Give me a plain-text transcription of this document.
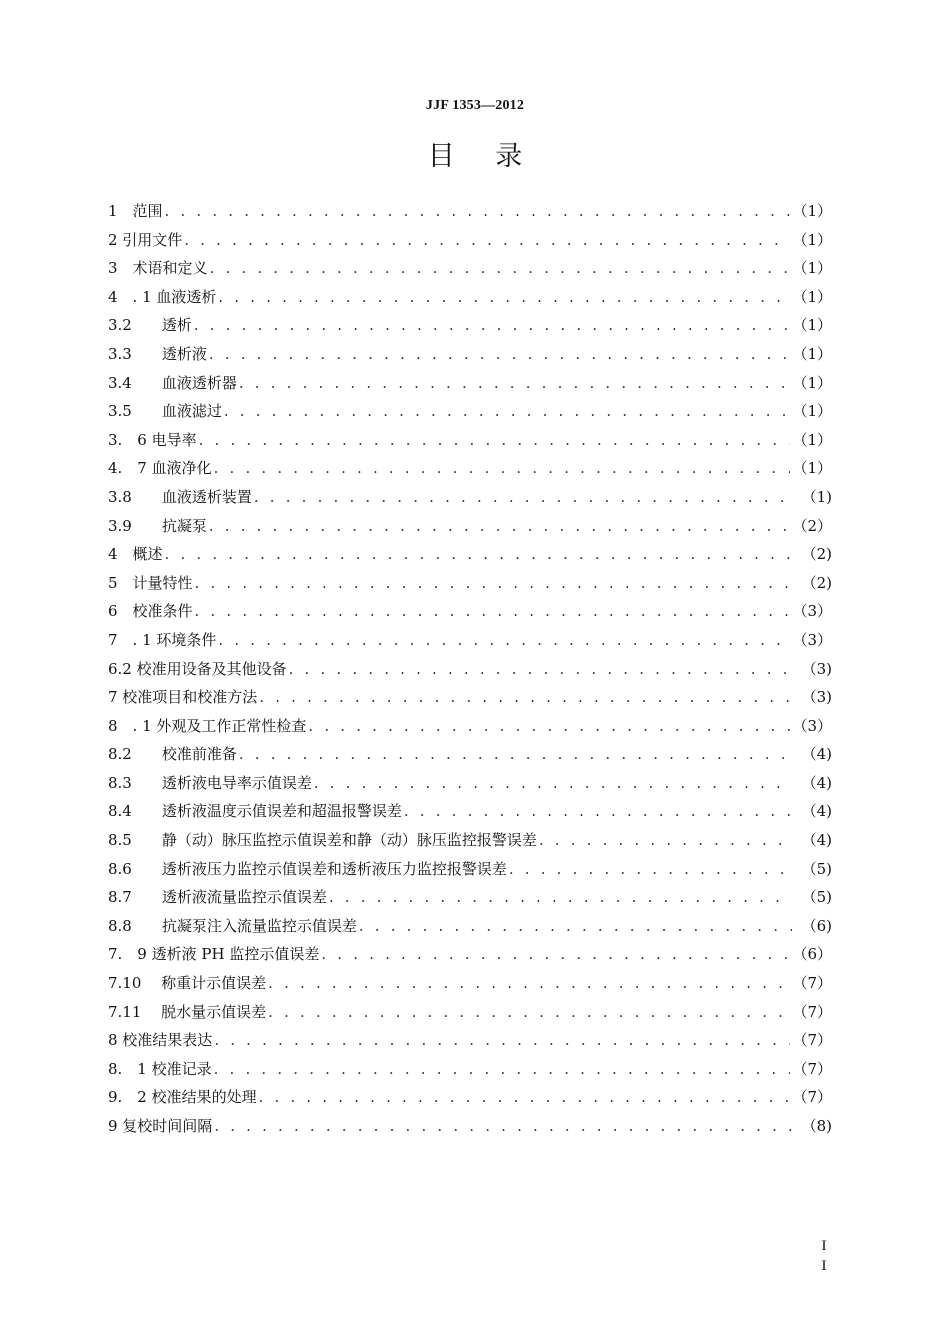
JJF 1353—2012
目 录
1　范围 . . .	（1）
2 引用文件 . . .	（1）
3　术语和定义 . . .	（1）
4　. 1 血液透析 . . .	（1）
3.2　　透析 . . .	（1）
3.3　　透析液 . . .	（1）
3.4　　血液透析器 . . .	（1）
3.5　　血液滤过 . . .	（1）
3.　6 电导率 . . .	（1）
4.　7 血液净化 . . .	（1）
3.8　　血液透析装置 . . .	（1)
3.9　　抗凝泵 . . .	（2）
4　概述 . . .	（2)
5　计量特性 . . .	（2)
6　校准条件 . . .	（3）
7　. 1 环境条件 . . .	（3）
6.2 校准用设备及其他设备 . . .	（3)
7 校准项目和校准方法 . . .	（3)
8　. 1 外观及工作正常性检查 . . .	（3）
8.2　　校准前准备 . . .	（4)
8.3　　透析液电导率示值误差 . . .	（4)
8.4　　透析液温度示值误差和超温报警误差 . . .	（4)
8.5　　静（动）脉压监控示值误差和静（动）脉压监控报警误差 . . .	（4)
8.6　　透析液压力监控示值误差和透析液压力监控报警误差 . . .	（5)
8.7　　透析液流量监控示值误差 . . .	（5)
8.8　　抗凝泵注入流量监控示值误差 . . .	（6)
7.　9 透析液 PH 监控示值误差 . . .	（6）
7.10　 称重计示值误差 . . .	（7）
7.11　 脱水量示值误差 . . .	（7）
8 校准结果表达 . . .	（7）
8.　1 校准记录 . . .	（7）
9.　2 校准结果的处理 . . .	（7）
9 复校时间间隔 . . .	（8)
I
I
